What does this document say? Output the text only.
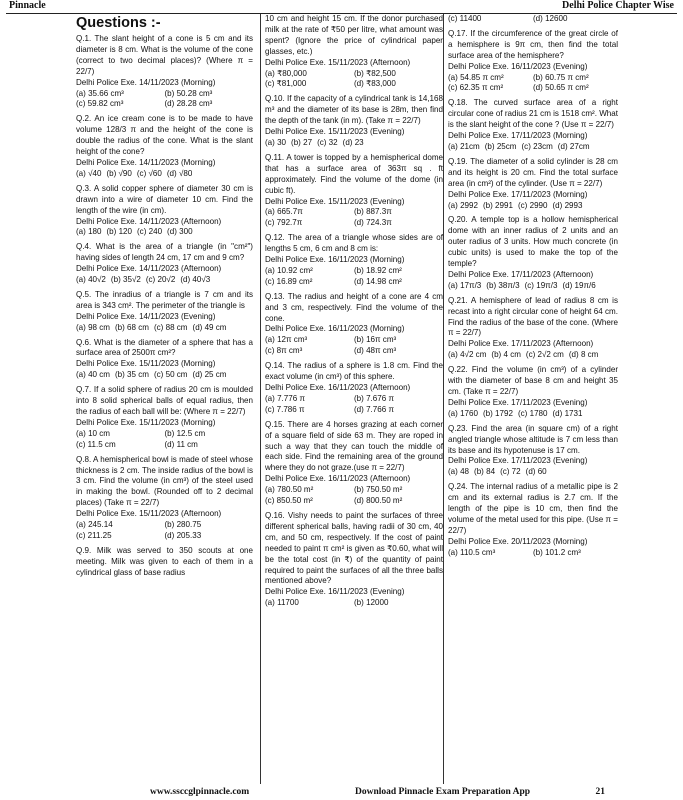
Pinnacle	Delhi Police Chapter Wise
Questions :-
Q.1. The slant height of a cone is 5 cm and its diameter is 8 cm. What is the volume of the cone (correct to two decimal places)? (Where π = 22/7)
Delhi Police Exe. 14/11/2023 (Morning)
(a) 35.66 cm³	(b) 50.28 cm³
(c) 59.82 cm³	(d) 28.28 cm³
Q.2. An ice cream cone is to be made to have volume 128/3 π and the height of the cone is double the radius of the cone. What is the slant height of the cone?
Delhi Police Exe. 14/11/2023 (Morning)
(a) √40 (b) √90 (c) √60 (d) √80
Q.3. A solid copper sphere of diameter 30 cm is drawn into a wire of diameter 10 cm. Find the length of the wire (in cm).
Delhi Police Exe. 14/11/2023 (Afternoon)
(a) 180 (b) 120 (c) 240 (d) 300
Q.4. What is the area of a triangle (in "cm²") having sides of length 24 cm, 17 cm and 9 cm?
Delhi Police Exe. 14/11/2023 (Afternoon)
(a) 40√2 (b) 35√2 (c) 20√2 (d) 40√3
Q.5. The inradius of a triangle is 7 cm and its area is 343 cm². The perimeter of the triangle is
Delhi Police Exe. 14/11/2023 (Evening)
(a) 98 cm (b) 68 cm (c) 88 cm (d) 49 cm
Q.6. What is the diameter of a sphere that has a surface area of 2500π cm²?
Delhi Police Exe. 15/11/2023 (Morning)
(a) 40 cm (b) 35 cm (c) 50 cm (d) 25 cm
Q.7. If a solid sphere of radius 20 cm is moulded into 8 solid spherical balls of equal radius, then the radius of each ball will be: (Where π = 22/7)
Delhi Police Exe. 15/11/2023 (Morning)
(a) 10 cm	(b) 12.5 cm
(c) 11.5 cm	(d) 11 cm
Q.8. A hemispherical bowl is made of steel whose thickness is 2 cm. The inside radius of the bowl is 3 cm. Find the volume (in cm³) of the steel used in making the bowl. (Rounded off to 2 decimal places) (Take π = 22/7)
Delhi Police Exe. 15/11/2023 (Afternoon)
(a) 245.14	(b) 280.75
(c) 211.25	(d) 205.33
Q.9. Milk was served to 350 scouts at one meeting. Milk was given to each of them in a cylindrical glass of base radius
10 cm and height 15 cm. If the donor purchased milk at the rate of ₹50 per litre, what amount was spent? (Ignore the price of cylindrical paper glasses, etc.)
Delhi Police Exe. 15/11/2023 (Afternoon)
(a) ₹80,000	(b) ₹82,500
(c) ₹81,000	(d) ₹83,000
Q.10. If the capacity of a cylindrical tank is 14,168 m³ and the diameter of its base is 28m, then find the depth of the tank (in m). (Take π = 22/7)
Delhi Police Exe. 15/11/2023 (Evening)
(a) 30 (b) 27 (c) 32 (d) 23
Q.11. A tower is topped by a hemispherical dome that has a surface area of 363π sq . ft approximately. Find the volume of the dome (in cubic ft).
Delhi Police Exe. 15/11/2023 (Evening)
(a) 665.7π	(b) 887.3π
(c) 792.7π	(d) 724.3π
Q.12. The area of a triangle whose sides are of lengths 5 cm, 6 cm and 8 cm is:
Delhi Police Exe. 16/11/2023 (Morning)
(a) 10.92 cm²	(b) 18.92 cm²
(c) 16.89 cm²	(d) 14.98 cm²
Q.13. The radius and height of a cone are 4 cm and 3 cm, respectively. Find the volume of the cone.
Delhi Police Exe. 16/11/2023 (Morning)
(a) 12π cm³	(b) 16π cm³
(c) 8π cm³	(d) 48π cm³
Q.14. The radius of a sphere is 1.8 cm. Find the exact volume (in cm³) of this sphere.
Delhi Police Exe. 16/11/2023 (Afternoon)
(a) 7.776 π	(b) 7.676 π
(c) 7.786 π	(d) 7.766 π
Q.15. There are 4 horses grazing at each corner of a square field of side 63 m. They are roped in such a way that they can touch the middle of each side. Find the remaining area of the ground where they do not graze.(use π = 22/7)
Delhi Police Exe. 16/11/2023 (Afternoon)
(a) 780.50 m²	(b) 750.50 m²
(c) 850.50 m²	(d) 800.50 m²
Q.16. Vishy needs to paint the surfaces of three different spherical balls, having radii of 30 cm, 40 cm, and 50 cm, respectively. If the cost of paint needed to paint π cm² is given as ₹0.60, what will be the total cost (in ₹) of the quantity of paint required to paint the surfaces of all the three balls mentioned above?
Delhi Police Exe. 16/11/2023 (Evening)
(a) 11700	(b) 12000
(c) 11400	(d) 12600
Q.17. If the circumference of the great circle of a hemisphere is 9π cm, then find the total surface area of the hemisphere?
Delhi Police Exe. 16/11/2023 (Evening)
(a) 54.85 π cm²	(b) 60.75 π cm²
(c) 62.35 π cm²	(d) 50.65 π cm²
Q.18. The curved surface area of a right circular cone of radius 21 cm is 1518 cm². What is the slant height of the cone ? (Use π = 22/7)
Delhi Police Exe. 17/11/2023 (Morning)
(a) 21cm (b) 25cm (c) 23cm (d) 27cm
Q.19. The diameter of a solid cylinder is 28 cm and its height is 20 cm. Find the total surface area (in cm²) of the cylinder. (Use π = 22/7)
Delhi Police Exe. 17/11/2023 (Morning)
(a) 2992 (b) 2991 (c) 2990 (d) 2993
Q.20. A temple top is a hollow hemispherical dome with an inner radius of 2 units and an outer radius of 3 units. How much concrete (in cubic units) is used to make the top of the temple?
Delhi Police Exe. 17/11/2023 (Afternoon)
(a) 17π/3 (b) 38π/3 (c) 19π/3 (d) 19π/6
Q.21. A hemisphere of lead of radius 8 cm is recast into a right circular cone of height 64 cm. Find the radius of the base of the cone. (Where π = 22/7)
Delhi Police Exe. 17/11/2023 (Afternoon)
(a) 4√2 cm (b) 4 cm (c) 2√2 cm (d) 8 cm
Q.22. Find the volume (in cm³) of a cylinder with the diameter of base 8 cm and height 35 cm. (Take π = 22/7)
Delhi Police Exe. 17/11/2023 (Evening)
(a) 1760 (b) 1792 (c) 1780 (d) 1731
Q.23. Find the area (in square cm) of a right angled triangle whose altitude is 7 cm less than its base and its hypotenuse is 17 cm.
Delhi Police Exe. 17/11/2023 (Evening)
(a) 48 (b) 84 (c) 72 (d) 60
Q.24. The internal radius of a metallic pipe is 2 cm and its external radius is 2.7 cm. If the length of the pipe is 10 cm, then find the volume of the metal used for this pipe. (Use π = 22/7)
Delhi Police Exe. 20/11/2023 (Morning)
(a) 110.5 cm³	(b) 101.2 cm³
www.ssccglpinnacle.com	Download Pinnacle Exam Preparation App	21
